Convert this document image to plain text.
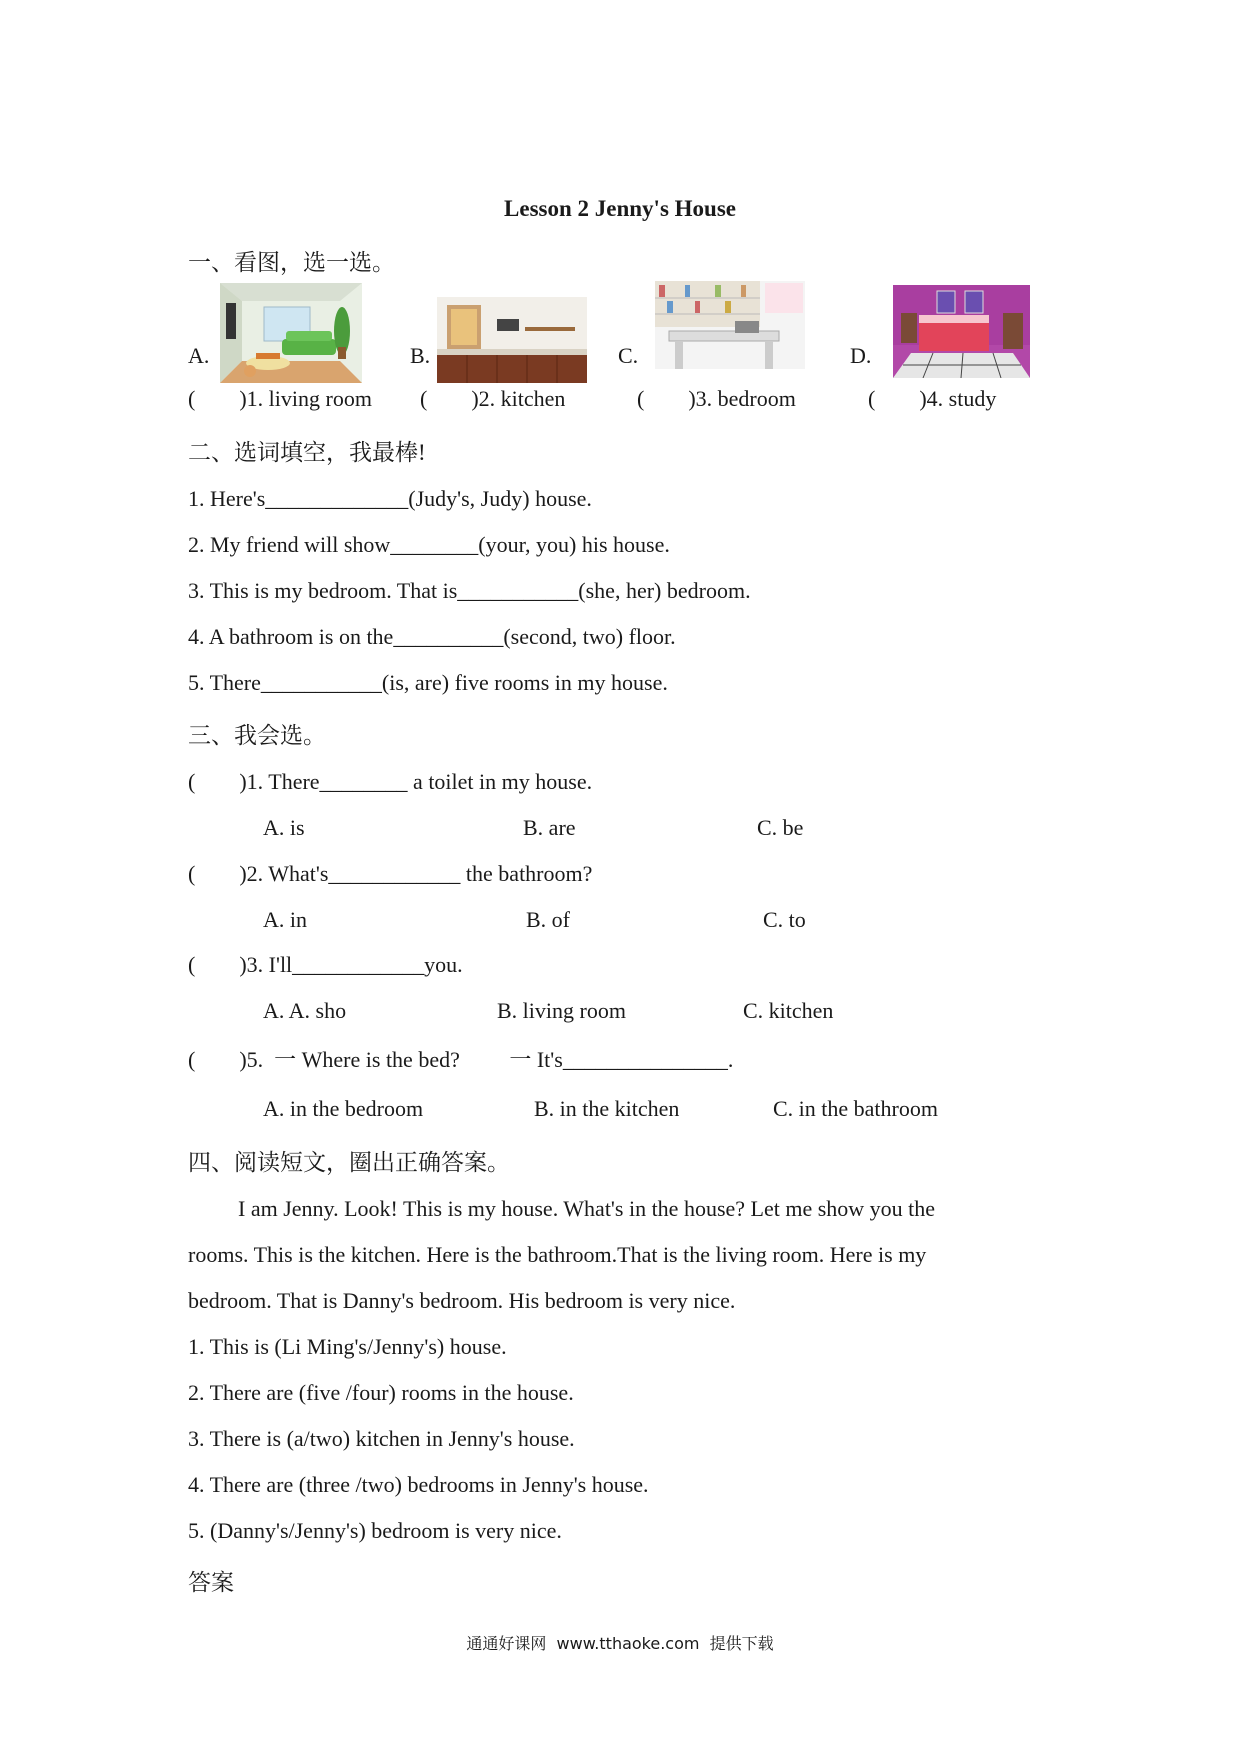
Lesson 2 Jenny's House
一、看图，选一选。
A.	B.	C.	D.
(        )1. living room (        )2. kitchen	(        )3. bedroom	(        )4. study
二、选词填空，我最棒!
1. Here's_____________(Judy's, Judy) house.
2. My friend will show________(your, you) his house.
3. This is my bedroom. That is___________(she, her) bedroom.
4. A bathroom is on the__________(second, two) floor.
5. There___________(is, are) five rooms in my house.
三、我会选。
(        )1. There________ a toilet in my house.
A. is	B. are	C. be
(        )2. What's____________ the bathroom?
A. in	B. of	C. to
(        )3. I'll____________you.
A. A. sho	B. living room	C. kitchen
(        )5.  一 Where is the bed?         一 It's_______________.
A. in the bedroom	B. in the kitchen	C. in the bathroom
四、阅读短文，圈出正确答案。
I am Jenny. Look! This is my house. What's in the house? Let me show you the
rooms. This is the kitchen. Here is the bathroom.That is the living room. Here is my
bedroom. That is Danny's bedroom. His bedroom is very nice.
1. This is (Li Ming's/Jenny's) house.
2. There are (five /four) rooms in the house.
3. There is (a/two) kitchen in Jenny's house.
4. There are (three /two) bedrooms in Jenny's house.
5. (Danny's/Jenny's) bedroom is very nice.
答案
通通好课网  www.tthaoke.com  提供下载
